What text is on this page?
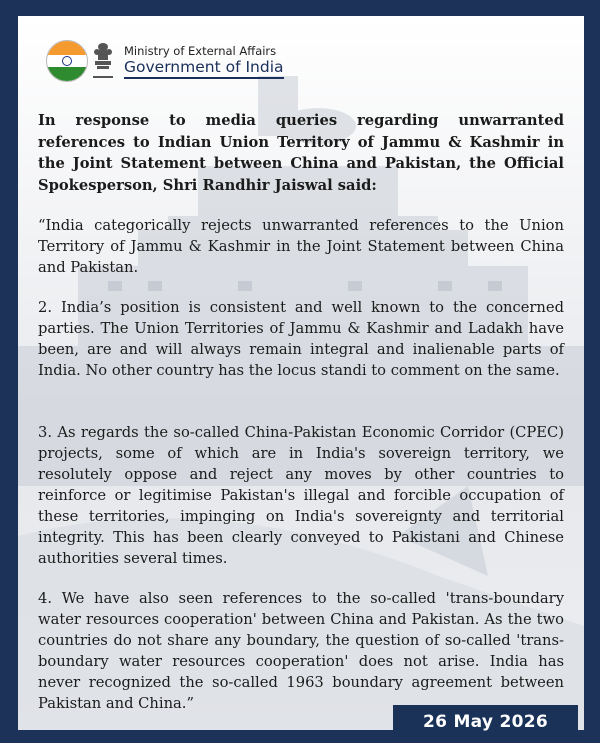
Ministry of External Affairs
Government of India

In response to media queries regarding unwarranted references to Indian Union Territory of Jammu & Kashmir in the Joint Statement between China and Pakistan, the Official Spokesperson, Shri Randhir Jaiswal said:

“India categorically rejects unwarranted references to the Union Territory of Jammu & Kashmir in the Joint Statement between China and Pakistan.

2. India’s position is consistent and well known to the concerned parties. The Union Territories of Jammu & Kashmir and Ladakh have been, are and will always remain integral and inalienable parts of India. No other country has the locus standi to comment on the same.

3. As regards the so-called China-Pakistan Economic Corridor (CPEC) projects, some of which are in India's sovereign territory, we resolutely oppose and reject any moves by other countries to reinforce or legitimise Pakistan's illegal and forcible occupation of these territories, impinging on India's sovereignty and territorial integrity. This has been clearly conveyed to Pakistani and Chinese authorities several times.

4. We have also seen references to the so-called 'trans-boundary water resources cooperation' between China and Pakistan. As the two countries do not share any boundary, the question of so-called 'trans-boundary water resources cooperation' does not arise. India has never recognized the so-called 1963 boundary agreement between Pakistan and China.”

26 May 2026
